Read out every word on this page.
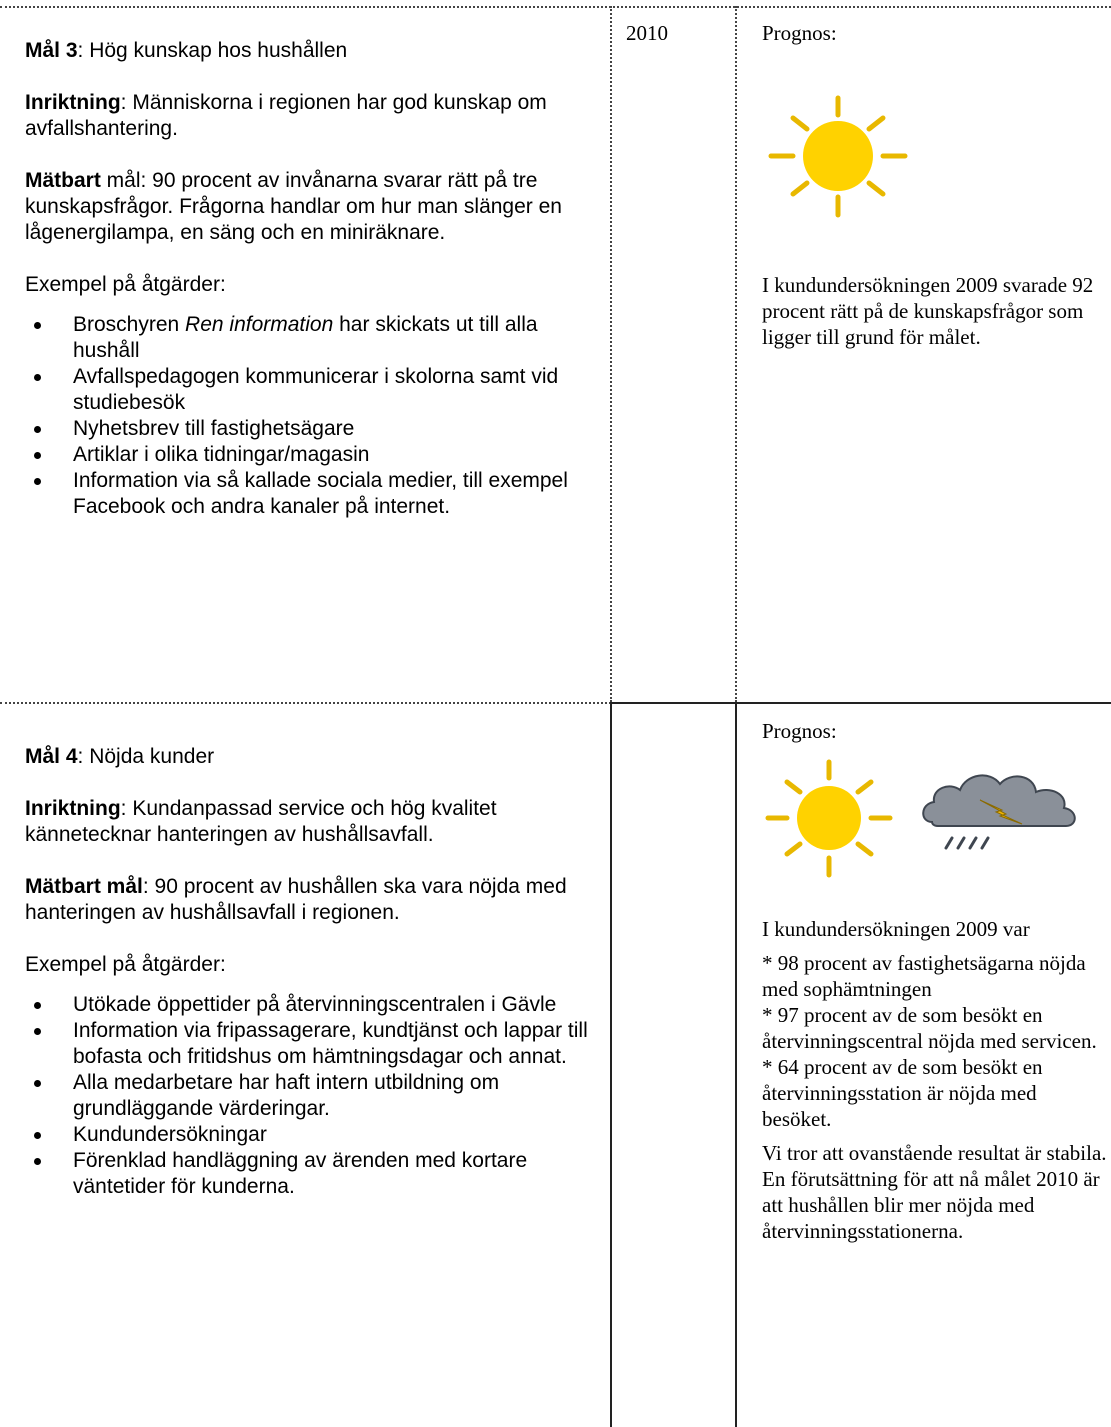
Mål 3: Hög kunskap hos hushållen

Inriktning: Människorna i regionen har god kunskap om avfallshantering.

Mätbart mål: 90 procent av invånarna svarar rätt på tre kunskapsfrågor. Frågorna handlar om hur man slänger en lågenergilampa, en säng och en miniräknare.

Exempel på åtgärder:

Broschyren Ren information har skickats ut till alla hushåll
Avfallspedagogen kommunicerar i skolorna samt vid studiebesök
Nyhetsbrev till fastighetsägare
Artiklar i olika tidningar/magasin
Information via så kallade sociala medier, till exempel Facebook och andra kanaler på internet.
2010	Prognos:
I kundundersökningen 2009 svarade 92 procent rätt på de kunskapsfrågor som ligger till grund för målet.

Mål 4: Nöjda kunder

Inriktning: Kundanpassad service och hög kvalitet kännetecknar hanteringen av hushållsavfall.

Mätbart mål: 90 procent av hushållen ska vara nöjda med hanteringen av hushållsavfall i regionen.

Exempel på åtgärder:

Utökade öppettider på återvinningscentralen i Gävle
Information via fripassagerare, kundtjänst och lappar till bofasta och fritidshus om hämtningsdagar och annat.
Alla medarbetare har haft intern utbildning om grundläggande värderingar.
Kundundersökningar
Förenklad handläggning av ärenden med kortare väntetider för kunderna.
Prognos:

I kundundersökningen 2009 var

* 98 procent av fastighetsägarna nöjda med sophämtningen

* 97 procent av de som besökt en återvinningscentral nöjda med servicen.

* 64 procent av de som besökt en återvinningsstation är nöjda med besöket.

Vi tror att ovanstående resultat är stabila. En förutsättning för att nå målet 2010 är att hushållen blir mer nöjda med återvinningsstationerna.
